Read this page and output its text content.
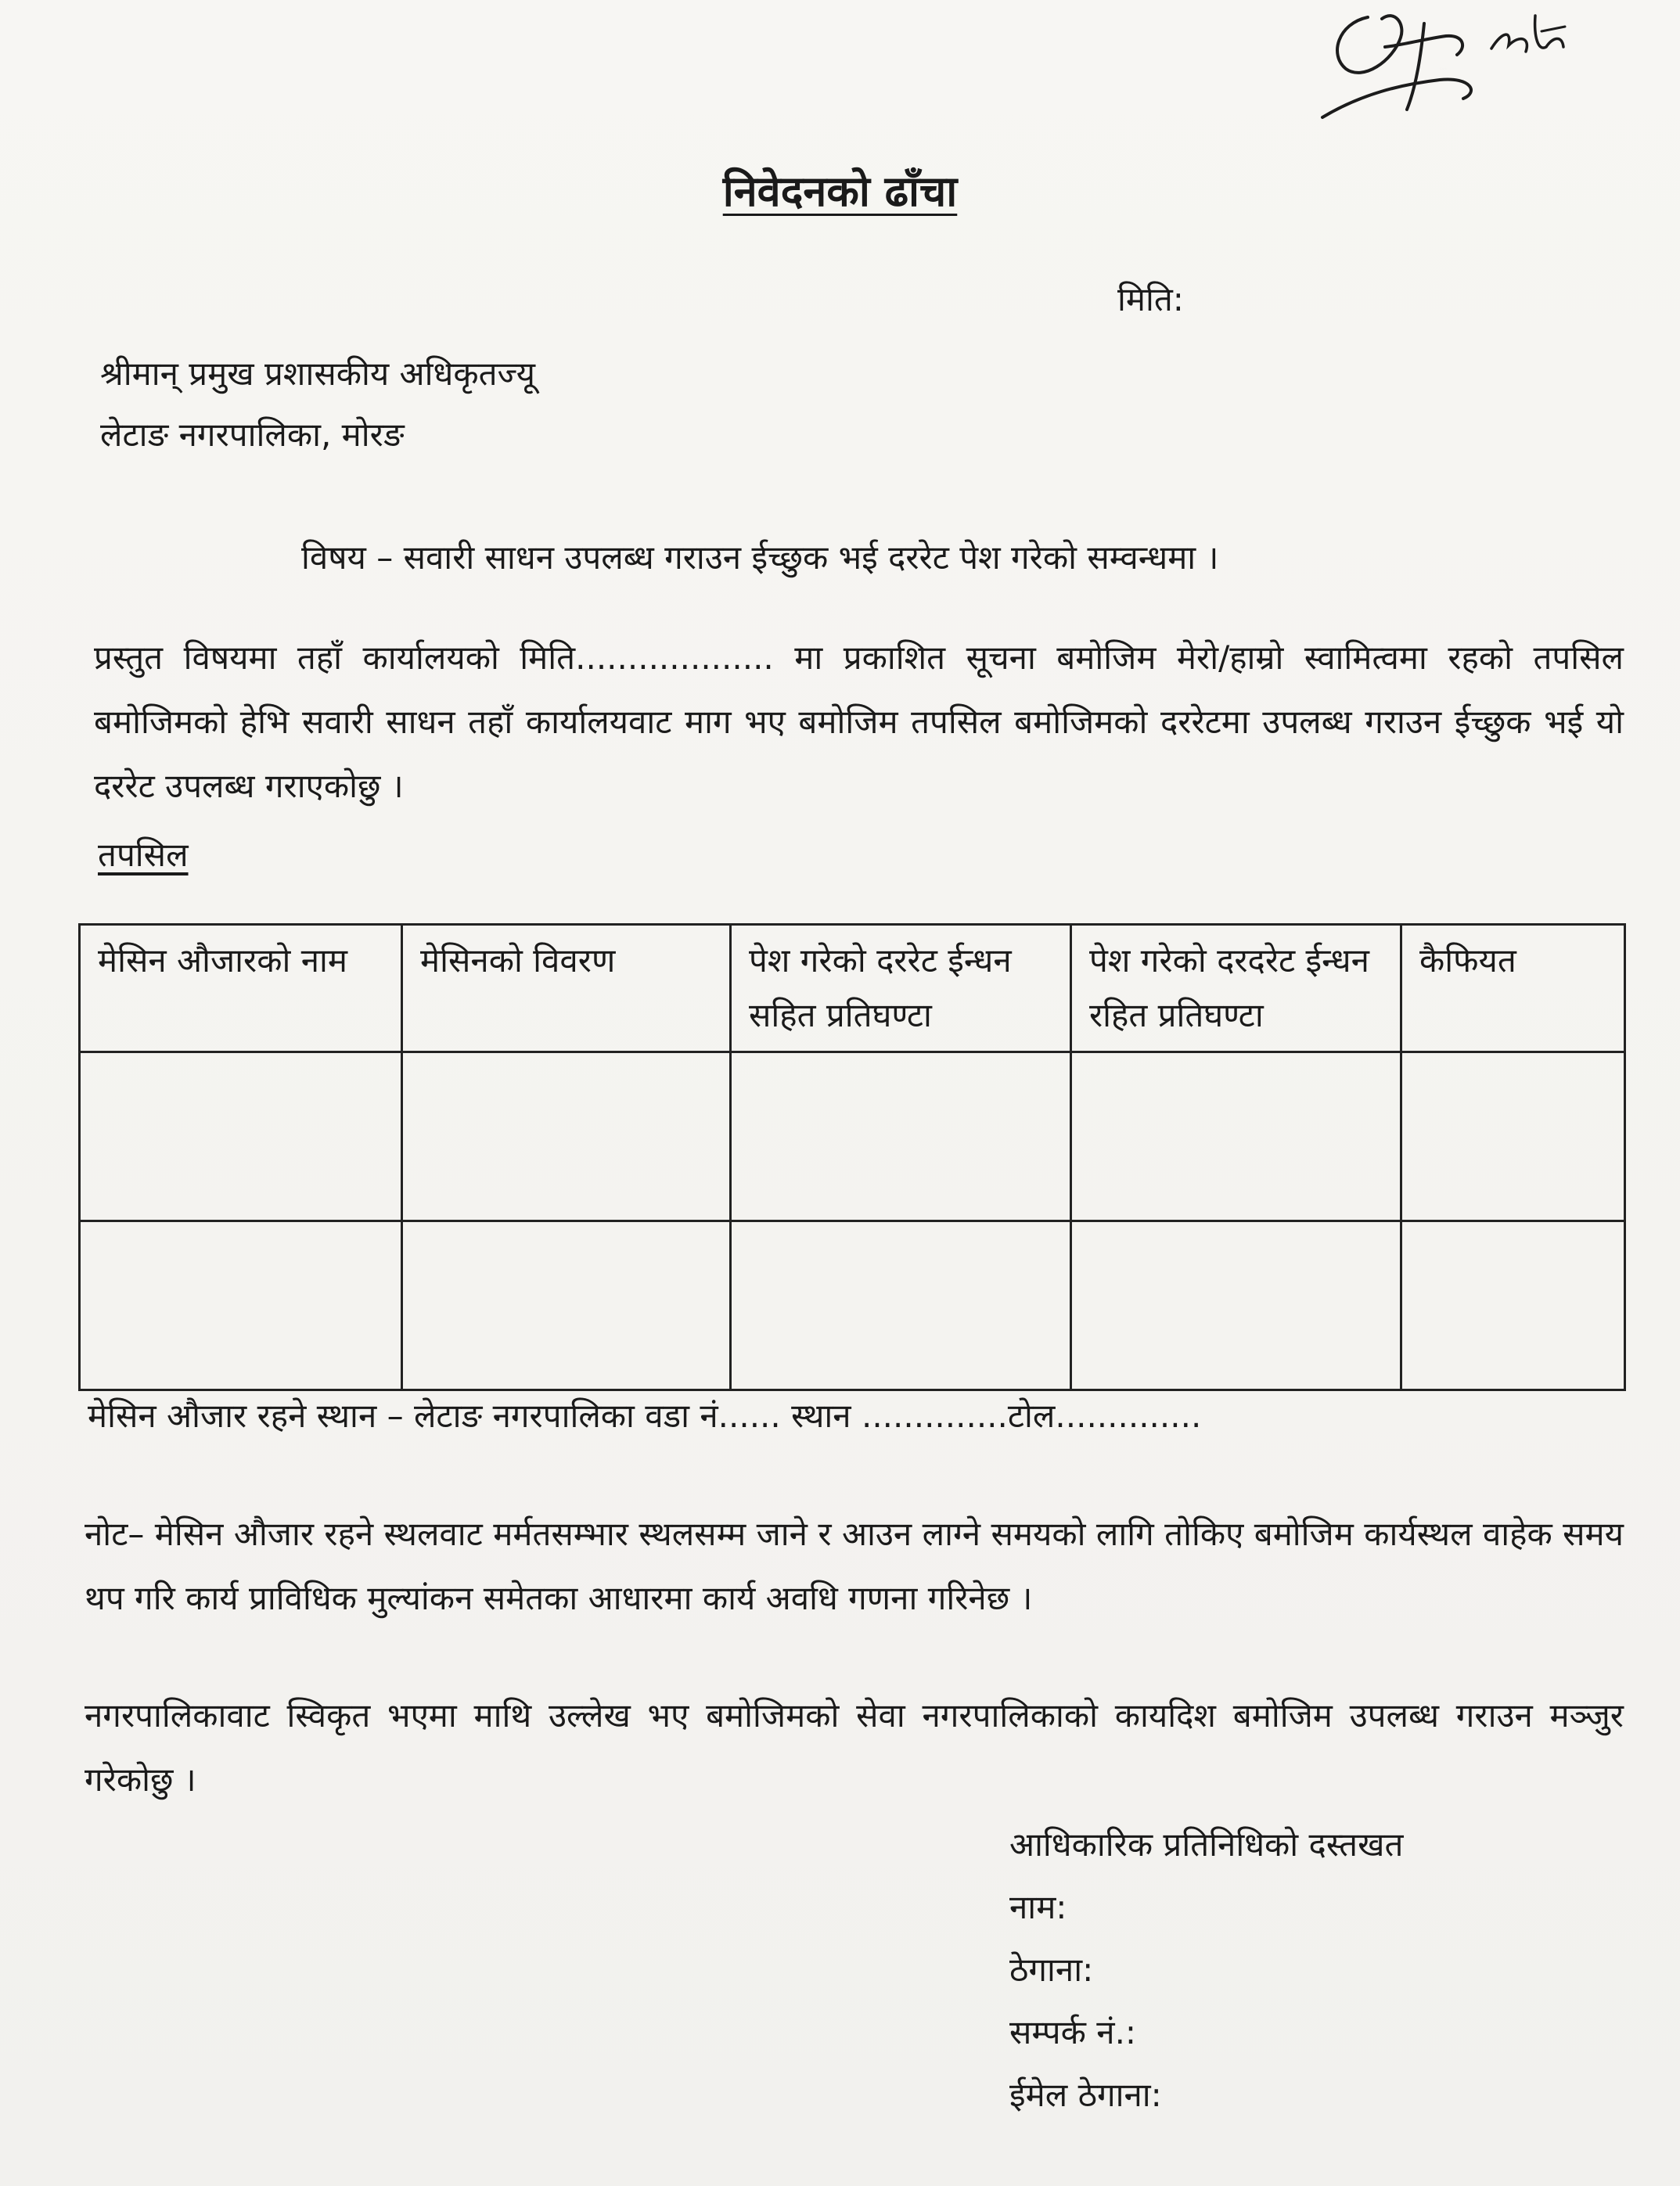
Seth
निवेदनको ढाँचा
मिति:
श्रीमान् प्रमुख प्रशासकीय अधिकृतज्यू
लेटाङ नगरपालिका, मोरङ
विषय – सवारी साधन उपलब्ध गराउन ईच्छुक भई दररेट पेश गरेको सम्वन्धमा ।
प्रस्तुत विषयमा तहाँ कार्यालयको मिति................... मा प्रकाशित सूचना बमोजिम मेरो/हाम्रो स्वामित्वमा रहको तपसिल बमोजिमको हेभि सवारी साधन तहाँ कार्यालयवाट माग भए बमोजिम तपसिल बमोजिमको दररेटमा उपलब्ध गराउन ईच्छुक भई यो दररेट उपलब्ध गराएकोछु ।
तपसिल
मेसिन औजारको नाम	मेसिनको विवरण	पेश गरेको दररेट ईन्धन सहित प्रतिघण्टा	पेश गरेको दरदरेट ईन्धन रहित प्रतिघण्टा	कैफियत

मेसिन औजार रहने स्थान – लेटाङ नगरपालिका वडा नं...... स्थान ..............टोल..............
नोट– मेसिन औजार रहने स्थलवाट मर्मतसम्भार स्थलसम्म जाने र आउन लाग्ने समयको लागि तोकिए बमोजिम कार्यस्थल वाहेक समय थप गरि कार्य प्राविधिक मुल्यांकन समेतका आधारमा कार्य अवधि गणना गरिनेछ ।
नगरपालिकावाट स्विकृत भएमा माथि उल्लेख भए बमोजिमको सेवा नगरपालिकाको कायदिश बमोजिम उपलब्ध गराउन मञ्जुर गरेकोछु ।
आधिकारिक प्रतिनिधिको दस्तखत
नाम:
ठेगाना:
सम्पर्क नं.:
ईमेल ठेगाना:
